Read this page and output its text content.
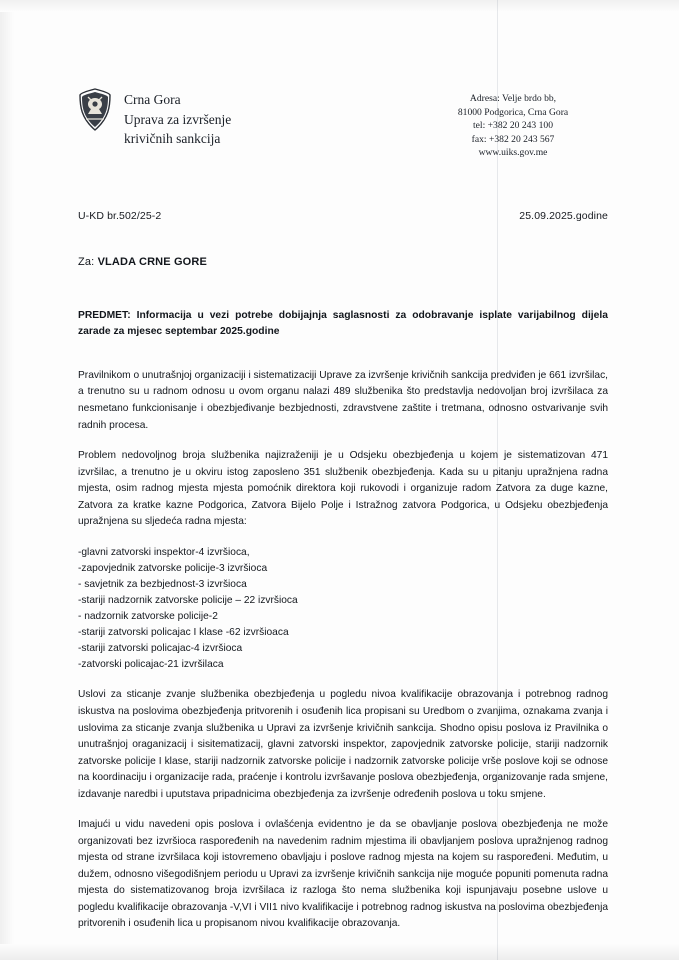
Crna Gora
Uprava za izvršenje
krivičnih sankcija
Adresa: Velje brdo bb,
81000 Podgorica, Crna Gora
tel: +382 20 243 100
fax: +382 20 243 567
www.uiks.gov.me
U-KD br.502/25-2	25.09.2025.godine
Za: VLADA CRNE GORE
PREDMET: Informacija u vezi potrebe dobijajnja saglasnosti za odobravanje isplate varijabilnog dijela zarade za mjesec septembar 2025.godine

Pravilnikom o unutrašnjoj organizaciji i sistematizaciji Uprave za izvršenje krivičnih sankcija predviđen je 661 izvršilac, a trenutno su u radnom odnosu u ovom organu nalazi 489 službenika što predstavlja nedovoljan broj izvršilaca za nesmetano funkcionisanje i obezbjeđivanje bezbjednosti, zdravstvene zaštite i tretmana, odnosno ostvarivanje svih radnih procesa.

Problem nedovoljnog broja službenika najizraženiji je u Odsjeku obezbjeđenja u kojem je sistematizovan 471 izvršilac, a trenutno je u okviru istog zaposleno 351 službenik obezbjeđenja. Kada su u pitanju upražnjena radna mjesta, osim radnog mjesta mjesta pomoćnik direktora koji rukovodi i organizuje radom Zatvora za duge kazne, Zatvora za kratke kazne Podgorica, Zatvora Bijelo Polje i Istražnog zatvora Podgorica, u Odsjeku obezbjeđenja upražnjena su sljedeća radna mjesta:

-glavni zatvorski inspektor-4 izvršioca,
-zapovjednik zatvorske policije-3 izvršioca
- savjetnik za bezbjednost-3 izvršioca
-stariji nadzornik zatvorske policije – 22 izvršioca
- nadzornik zatvorske policije-2
-stariji zatvorski policajac I klase -62 izvršioaca
-stariji zatvorski policajac-4 izvršioca
-zatvorski policajac-21 izvršilaca

Uslovi za sticanje zvanje službenika obezbjeđenja u pogledu nivoa kvalifikacije obrazovanja i potrebnog radnog iskustva na poslovima obezbjeđenja pritvorenih i osuđenih lica propisani su Uredbom o zvanjima, oznakama zvanja i uslovima za sticanje zvanja službenika u Upravi za izvršenje krivičnih sankcija. Shodno opisu poslova iz Pravilnika o unutrašnjoj oraganizacij i sisitematizacij, glavni zatvorski inspektor, zapovjednik zatvorske policije, stariji nadzornik zatvorske policije I klase, stariji nadzornik zatvorske policije i nadzornik zatvorske policije vrše poslove koji se odnose na koordinaciju i organizacije rada, praćenje i kontrolu izvršavanje poslova obezbjeđenja, organizovanje rada smjene, izdavanje naredbi i uputstava pripadnicima obezbjeđenja za izvršenje određenih poslova u toku smjene.

Imajući u vidu navedeni opis poslova i ovlašćenja evidentno je da se obavljanje poslova obezbjeđenja ne može organizovati bez izvršioca raspoređenih na navedenim radnim mjestima ili obavljanjem poslova upražnjenog radnog mjesta od strane izvršilaca koji istovremeno obavljaju i poslove radnog mjesta na kojem su raspoređeni. Međutim, u dužem, odnosno višegodišnjem periodu u Upravi za izvršenje krivičnih sankcija nije moguće popuniti pomenuta radna mjesta do sistematizovanog broja izvršilaca iz razloga što nema službenika koji ispunjavaju posebne uslove u pogledu kvalifikacije obrazovanja -V,VI i VII1 nivo kvalifikacije i potrebnog radnog iskustva na poslovima obezbjeđenja pritvorenih i osuđenih lica u propisanom nivou kvalifikacije obrazovanja.
